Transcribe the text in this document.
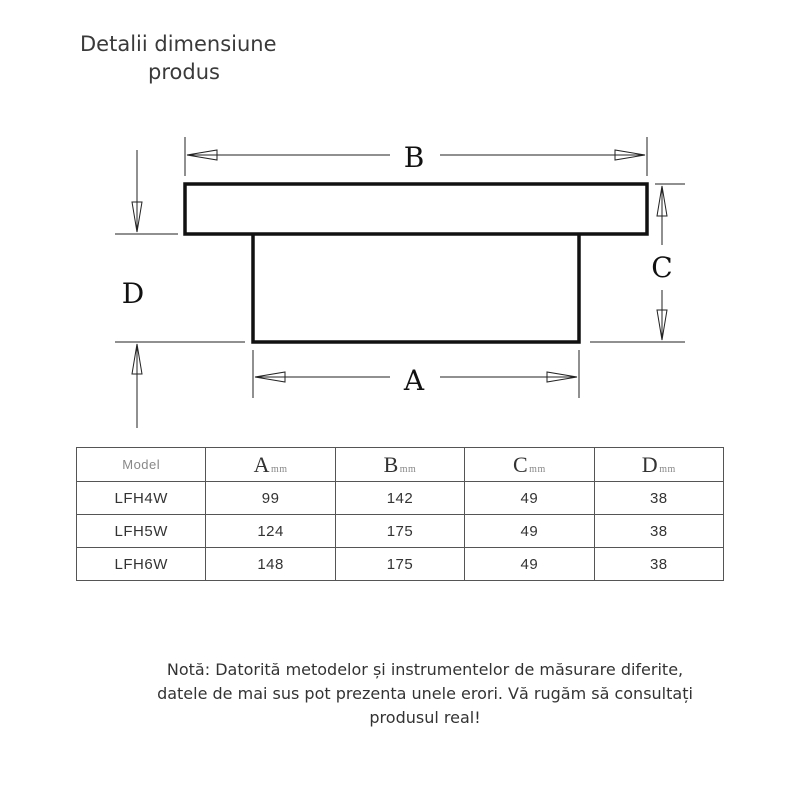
Detalii dimensiune
produs
B
A
C
D
Model	Amm	Bmm	Cmm	Dmm
LFH4W	99	142	49	38
LFH5W	124	175	49	38
LFH6W	148	175	49	38
Notă: Datorită metodelor și instrumentelor de măsurare diferite,
datele de mai sus pot prezenta unele erori. Vă rugăm să consultați
produsul real!
